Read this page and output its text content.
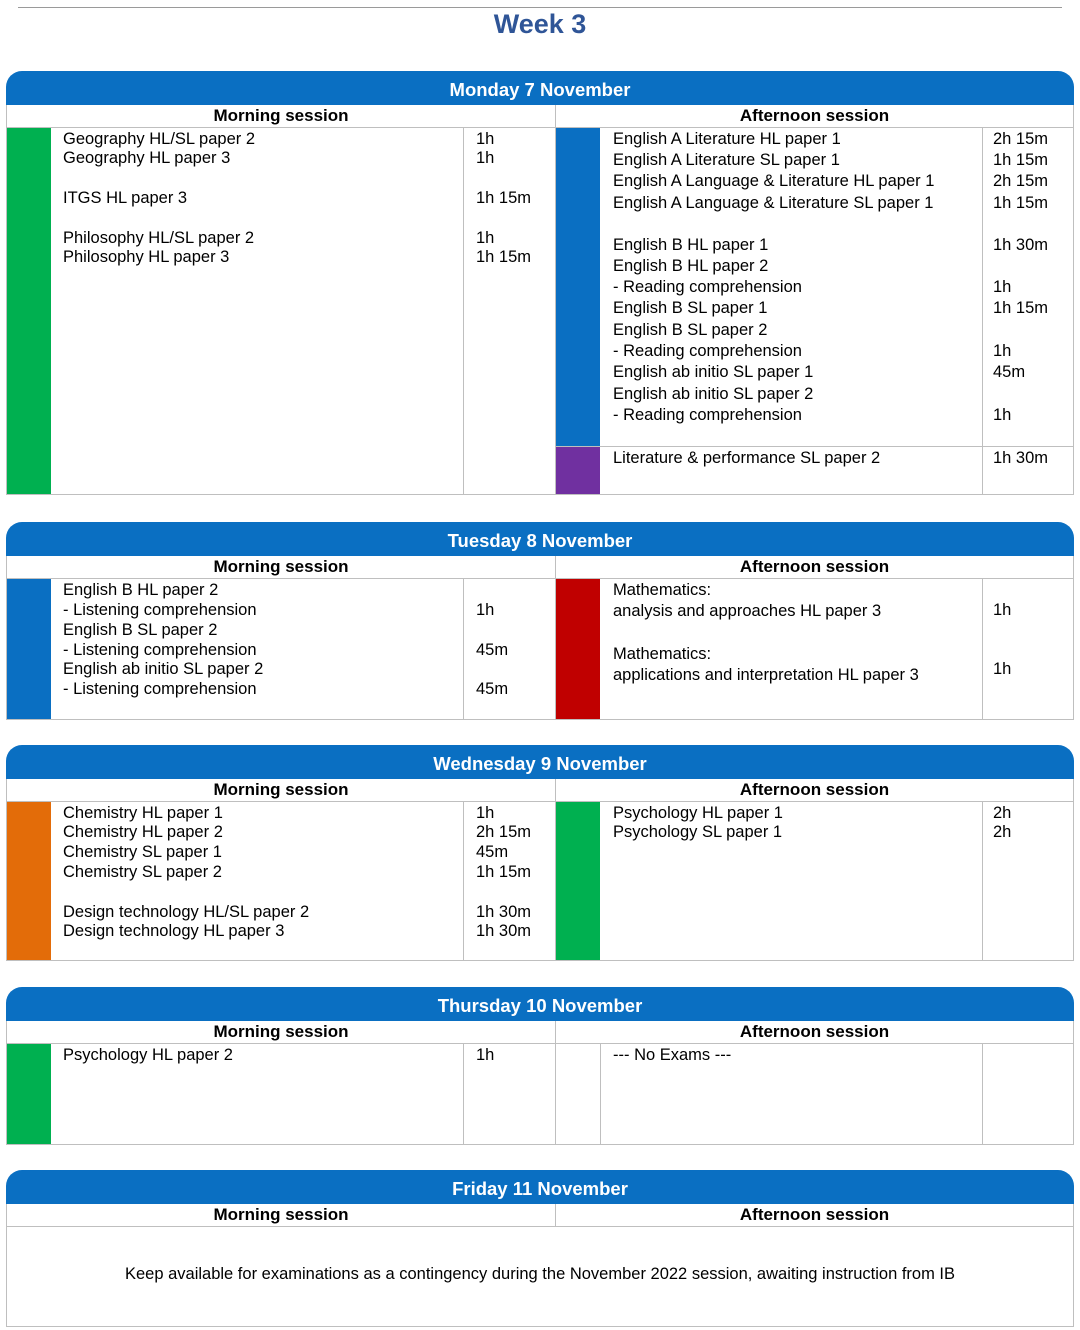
Week 3
Monday 7 November
Morning session	Afternoon session
Geography HL/SL paper 2	1h
Geography HL paper 3	1h
ITGS HL paper 3	1h 15m
Philosophy HL/SL paper 2	1h
Philosophy HL paper 3	1h 15m
English A Literature HL paper 1	2h 15m
English A Literature SL paper 1	1h 15m
English A Language & Literature HL paper 1	2h 15m
English A Language & Literature SL paper 1	1h 15m
English B HL paper 1	1h 30m
English B HL paper 2
- Reading comprehension	1h
English B SL paper 1	1h 15m
English B SL paper 2
- Reading comprehension	1h
English ab initio SL paper 1	45m
English ab initio SL paper 2
- Reading comprehension	1h
Literature & performance SL paper 2	1h 30m
Tuesday 8 November
Morning session	Afternoon session
English B HL paper 2
- Listening comprehension	1h
English B SL paper 2
- Listening comprehension	45m
English ab initio SL paper 2
- Listening comprehension	45m
Mathematics:
analysis and approaches HL paper 3	1h
Mathematics:
applications and interpretation HL paper 3	1h
Wednesday 9 November
Morning session	Afternoon session
Chemistry HL paper 1	1h
Chemistry HL paper 2	2h 15m
Chemistry SL paper 1	45m
Chemistry SL paper 2	1h 15m
Design technology HL/SL paper 2	1h 30m
Design technology HL paper 3	1h 30m
Psychology HL paper 1	2h
Psychology SL paper 1	2h
Thursday 10 November
Morning session	Afternoon session
Psychology HL paper 2	1h	--- No Exams ---
Friday 11 November
Morning session	Afternoon session
Keep available for examinations as a contingency during the November 2022 session, awaiting instruction from IB
